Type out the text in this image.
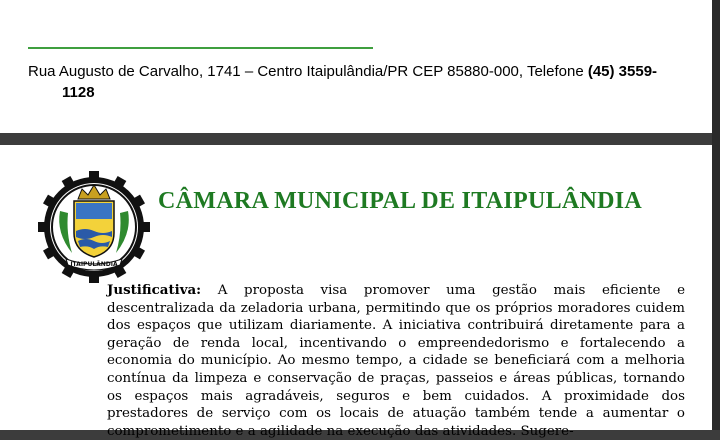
Rua Augusto de Carvalho, 1741 – Centro Itaipulândia/PR CEP 85880-000, Telefone (45) 3559-
1128
ITAIPULÂNDIA
CÂMARA MUNICIPAL DE ITAIPULÂNDIA
Justificativa: A proposta visa promover uma gestão mais eficiente e descentralizada da zeladoria urbana, permitindo que os próprios moradores cuidem dos espaços que utilizam diariamente. A iniciativa contribuirá diretamente para a geração de renda local, incentivando o empreendedorismo e fortalecendo a economia do município. Ao mesmo tempo, a cidade se beneficiará com a melhoria contínua da limpeza e conservação de praças, passeios e áreas públicas, tornando os espaços mais agradáveis, seguros e bem cuidados. A proximidade dos prestadores de serviço com os locais de atuação também tende a aumentar o comprometimento e a agilidade na execução das atividades. Sugere-
